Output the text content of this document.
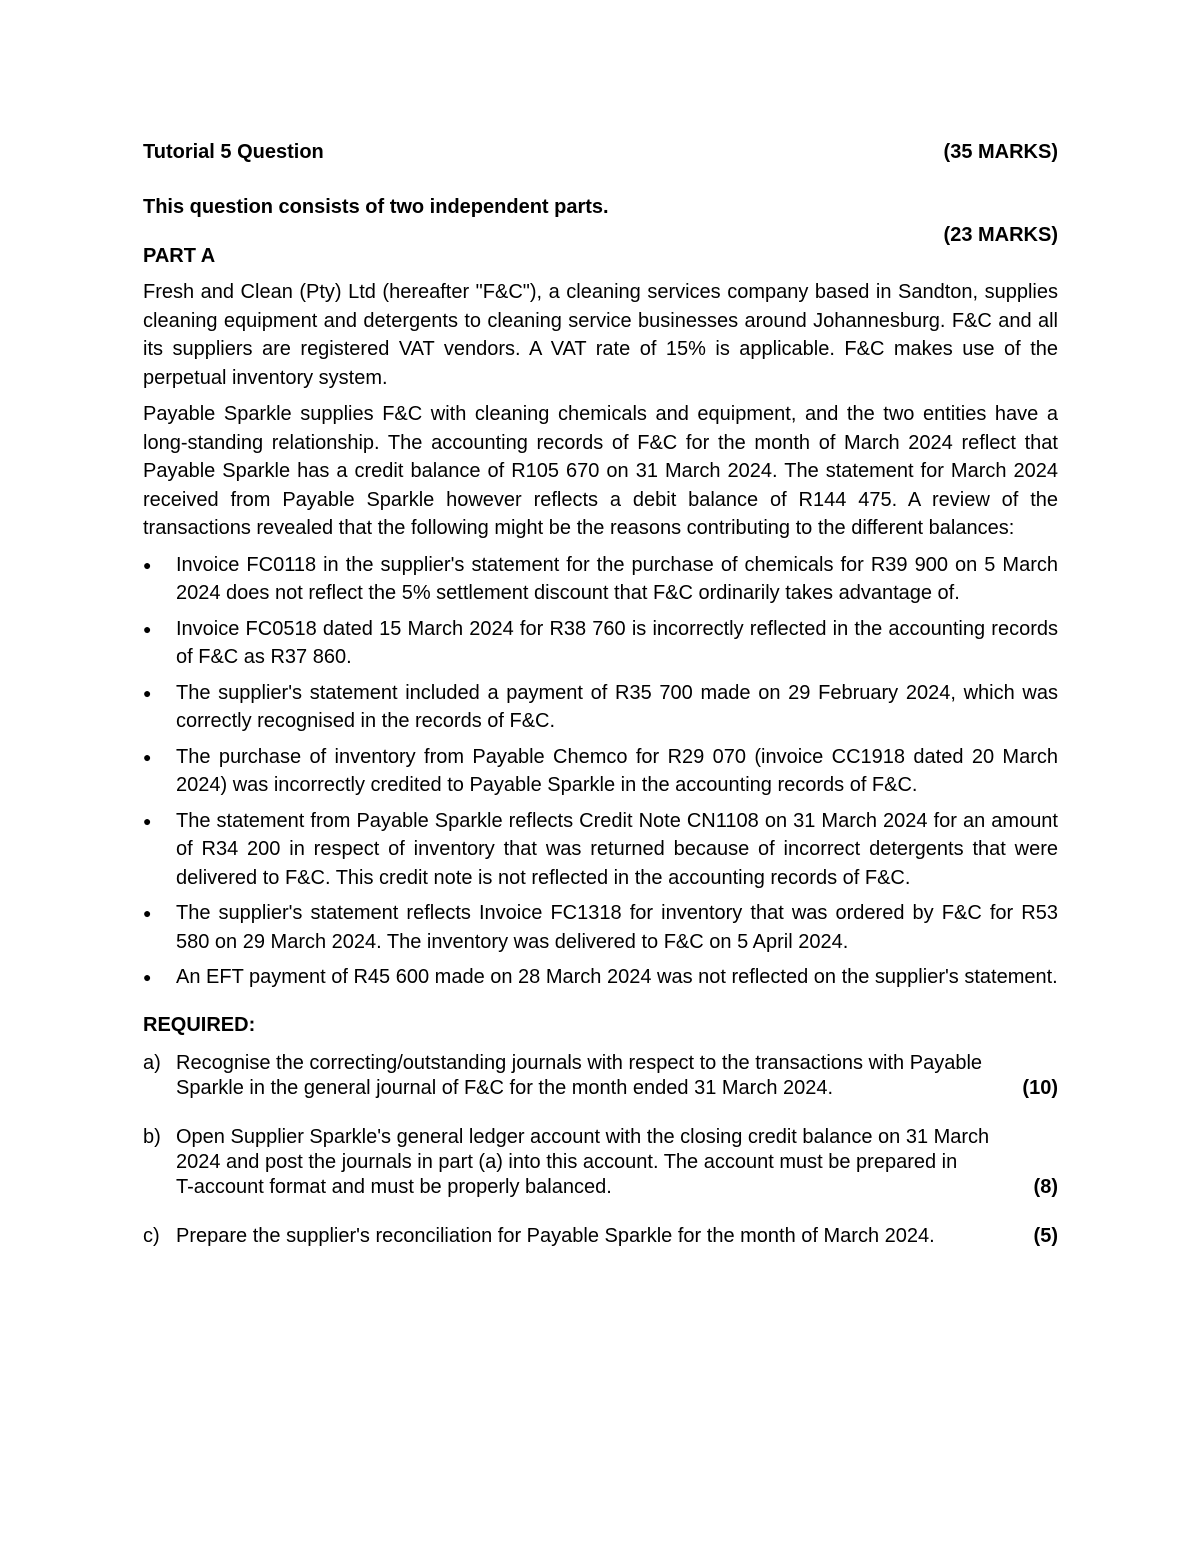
Tutorial 5 Question	(35 MARKS)
This question consists of two independent parts.
(23 MARKS)
PART A

Fresh and Clean (Pty) Ltd (hereafter "F&C"), a cleaning services company based in Sandton, supplies cleaning equipment and detergents to cleaning service businesses around Johannesburg. F&C and all its suppliers are registered VAT vendors. A VAT rate of 15% is applicable. F&C makes use of the perpetual inventory system.

Payable Sparkle supplies F&C with cleaning chemicals and equipment, and the two entities have a long-standing relationship. The accounting records of F&C for the month of March 2024 reflect that Payable Sparkle has a credit balance of R105 670 on 31 March 2024. The statement for March 2024 received from Payable Sparkle however reflects a debit balance of R144 475. A review of the transactions revealed that the following might be the reasons contributing to the different balances:

● Invoice FC0118 in the supplier's statement for the purchase of chemicals for R39 900 on 5 March 2024 does not reflect the 5% settlement discount that F&C ordinarily takes advantage of.
● Invoice FC0518 dated 15 March 2024 for R38 760 is incorrectly reflected in the accounting records of F&C as R37 860.
● The supplier's statement included a payment of R35 700 made on 29 February 2024, which was correctly recognised in the records of F&C.
● The purchase of inventory from Payable Chemco for R29 070 (invoice CC1918 dated 20 March 2024) was incorrectly credited to Payable Sparkle in the accounting records of F&C.
● The statement from Payable Sparkle reflects Credit Note CN1108 on 31 March 2024 for an amount of R34 200 in respect of inventory that was returned because of incorrect detergents that were delivered to F&C. This credit note is not reflected in the accounting records of F&C.
● The supplier's statement reflects Invoice FC1318 for inventory that was ordered by F&C for R53 580 on 29 March 2024. The inventory was delivered to F&C on 5 April 2024.
● An EFT payment of R45 600 made on 28 March 2024 was not reflected on the supplier's statement.
REQUIRED:
a) Recognise the correcting/outstanding journals with respect to the transactions with Payable
Sparkle in the general journal of F&C for the month ended 31 March 2024.	(10)
b) Open Supplier Sparkle's general ledger account with the closing credit balance on 31 March
2024 and post the journals in part (a) into this account. The account must be prepared in
T-account format and must be properly balanced.	(8)
c) Prepare the supplier's reconciliation for Payable Sparkle for the month of March 2024.	(5)
